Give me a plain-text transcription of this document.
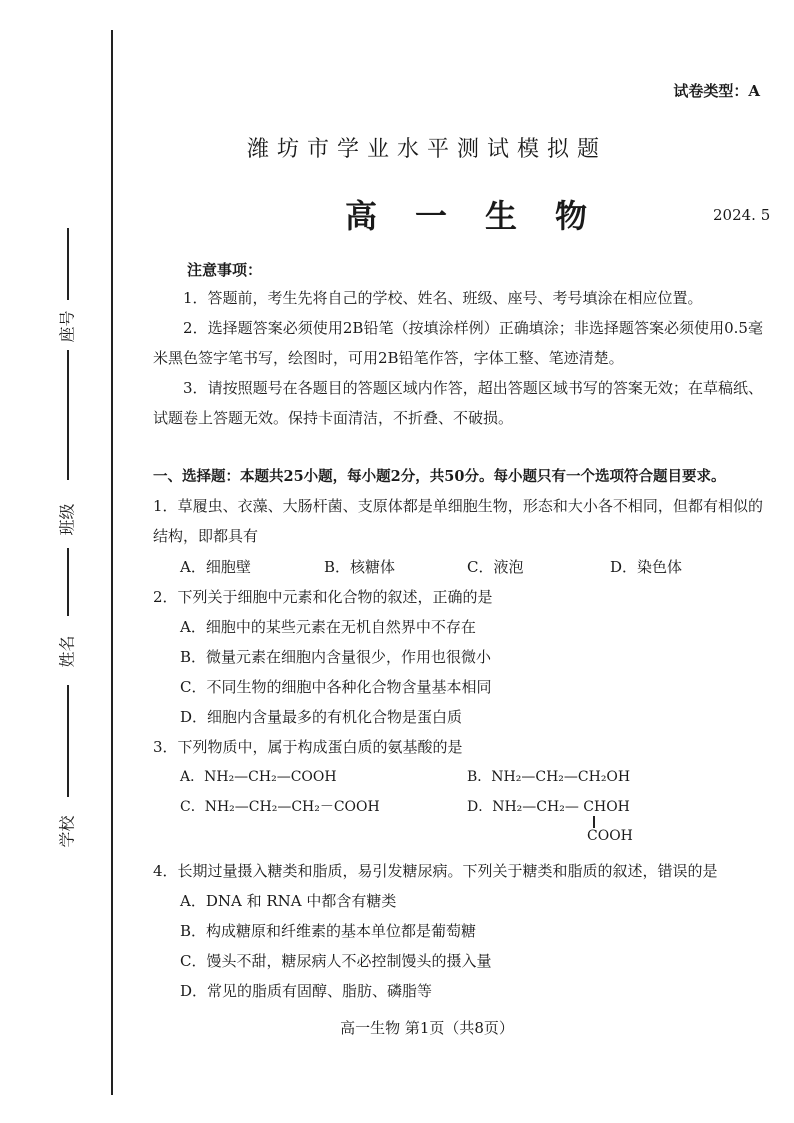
座号
班级
姓名
学校
试卷类型：A
潍坊市学业水平测试模拟题
高一生物	2024. 5
注意事项：
1．答题前，考生先将自己的学校、姓名、班级、座号、考号填涂在相应位置。
2．选择题答案必须使用2B铅笔（按填涂样例）正确填涂；非选择题答案必须使用0.5毫米黑色签字笔书写，绘图时，可用2B铅笔作答，字体工整、笔迹清楚。
3．请按照题号在各题目的答题区域内作答，超出答题区域书写的答案无效；在草稿纸、试题卷上答题无效。保持卡面清洁，不折叠、不破损。
一、选择题：本题共25小题，每小题2分，共50分。每小题只有一个选项符合题目要求。
1．草履虫、衣藻、大肠杆菌、支原体都是单细胞生物，形态和大小各不相同，但都有相似的结构，即都具有
A．细胞壁	B．核糖体	C．液泡	D．染色体
2．下列关于细胞中元素和化合物的叙述，正确的是
A．细胞中的某些元素在无机自然界中不存在
B．微量元素在细胞内含量很少，作用也很微小
C．不同生物的细胞中各种化合物含量基本相同
D．细胞内含量最多的有机化合物是蛋白质
3．下列物质中，属于构成蛋白质的氨基酸的是
A．NH₂—CH₂—COOH	B．NH₂—CH₂—CH₂OH
C．NH₂—CH₂—CH₂－COOH	D．NH₂—CH₂— CHOH
COOH
4．长期过量摄入糖类和脂质，易引发糖尿病。下列关于糖类和脂质的叙述，错误的是
A．DNA 和 RNA 中都含有糖类
B．构成糖原和纤维素的基本单位都是葡萄糖
C．馒头不甜，糖尿病人不必控制馒头的摄入量
D．常见的脂质有固醇、脂肪、磷脂等
高一生物 第1页（共8页）
